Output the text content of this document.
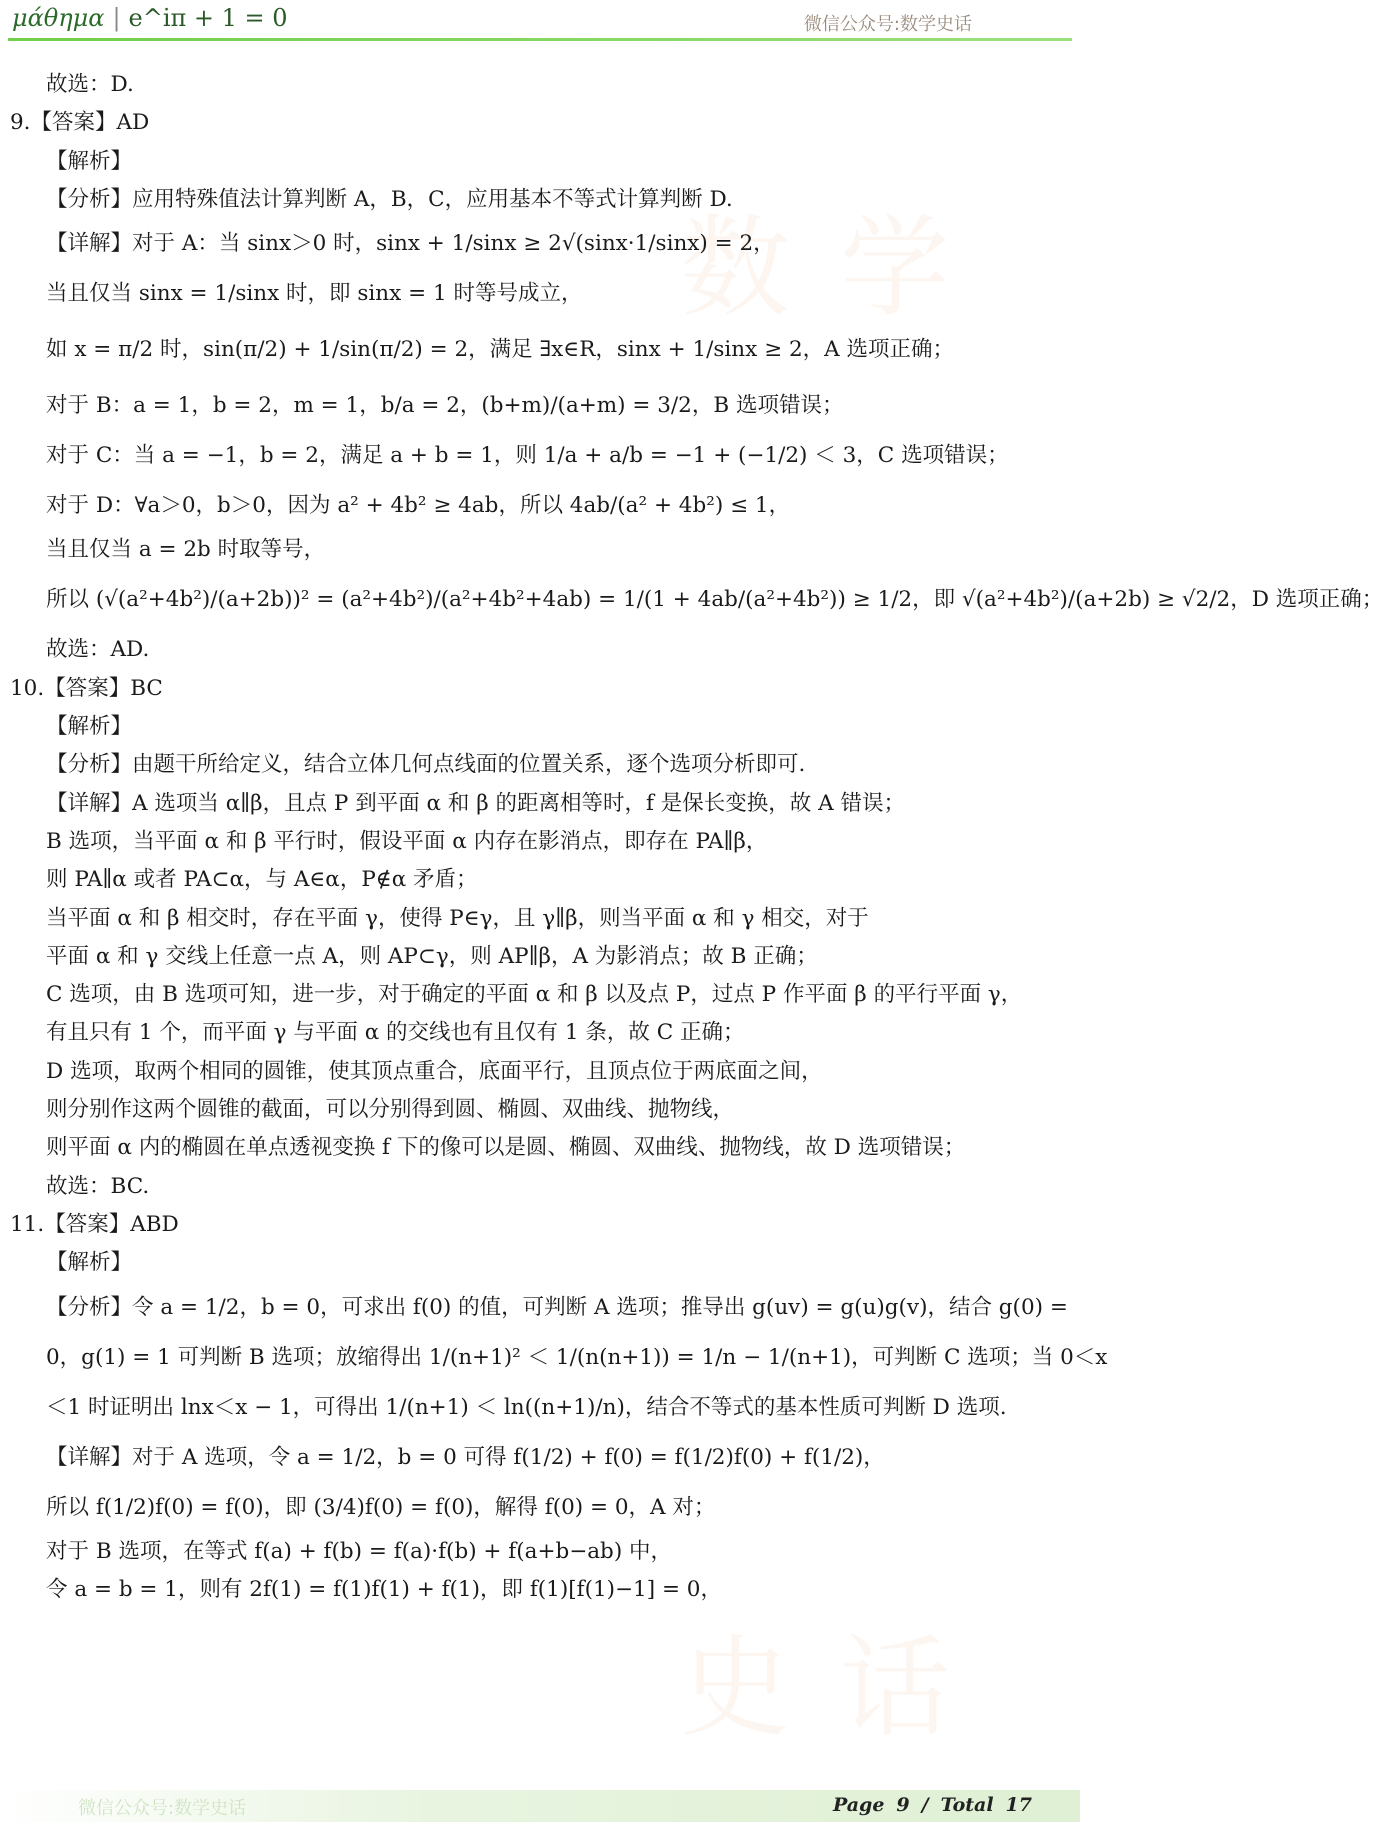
μάθημα | e^iπ + 1 = 0	微信公众号:数学史话
数 学
史 话
故选：D.
9.【答案】AD
【解析】
【分析】应用特殊值法计算判断 A，B，C，应用基本不等式计算判断 D.
【详解】对于 A：当 sinx＞0 时，sinx + 1/sinx ≥ 2√(sinx·1/sinx) = 2，
当且仅当 sinx = 1/sinx 时，即 sinx = 1 时等号成立，
如 x = π/2 时，sin(π/2) + 1/sin(π/2) = 2，满足 ∃x∈R，sinx + 1/sinx ≥ 2，A 选项正确；
对于 B：a = 1，b = 2，m = 1，b/a = 2，(b+m)/(a+m) = 3/2，B 选项错误；
对于 C：当 a = −1，b = 2，满足 a + b = 1，则 1/a + a/b = −1 + (−1/2) ＜ 3，C 选项错误；
对于 D：∀a＞0，b＞0，因为 a² + 4b² ≥ 4ab，所以 4ab/(a² + 4b²) ≤ 1，
当且仅当 a = 2b 时取等号，
所以 (√(a²+4b²)/(a+2b))² = (a²+4b²)/(a²+4b²+4ab) = 1/(1 + 4ab/(a²+4b²)) ≥ 1/2，即 √(a²+4b²)/(a+2b) ≥ √2/2，D 选项正确；
故选：AD.
10.【答案】BC
【解析】
【分析】由题干所给定义，结合立体几何点线面的位置关系，逐个选项分析即可.
【详解】A 选项当 α∥β，且点 P 到平面 α 和 β 的距离相等时，f 是保长变换，故 A 错误；
B 选项，当平面 α 和 β 平行时，假设平面 α 内存在影消点，即存在 PA∥β，
则 PA∥α 或者 PA⊂α，与 A∈α，P∉α 矛盾；
当平面 α 和 β 相交时，存在平面 γ，使得 P∈γ，且 γ∥β，则当平面 α 和 γ 相交，对于
平面 α 和 γ 交线上任意一点 A，则 AP⊂γ，则 AP∥β，A 为影消点；故 B 正确；
C 选项，由 B 选项可知，进一步，对于确定的平面 α 和 β 以及点 P，过点 P 作平面 β 的平行平面 γ，
有且只有 1 个，而平面 γ 与平面 α 的交线也有且仅有 1 条，故 C 正确；
D 选项，取两个相同的圆锥，使其顶点重合，底面平行，且顶点位于两底面之间，
则分别作这两个圆锥的截面，可以分别得到圆、椭圆、双曲线、抛物线，
则平面 α 内的椭圆在单点透视变换 f 下的像可以是圆、椭圆、双曲线、抛物线，故 D 选项错误；
故选：BC.
11.【答案】ABD
【解析】
【分析】令 a = 1/2，b = 0，可求出 f(0) 的值，可判断 A 选项；推导出 g(uv) = g(u)g(v)，结合 g(0) =
0，g(1) = 1 可判断 B 选项；放缩得出 1/(n+1)² ＜ 1/(n(n+1)) = 1/n − 1/(n+1)，可判断 C 选项；当 0＜x
＜1 时证明出 lnx＜x − 1，可得出 1/(n+1) ＜ ln((n+1)/n)，结合不等式的基本性质可判断 D 选项.
【详解】对于 A 选项，令 a = 1/2，b = 0 可得 f(1/2) + f(0) = f(1/2)f(0) + f(1/2)，
所以 f(1/2)f(0) = f(0)，即 (3/4)f(0) = f(0)，解得 f(0) = 0，A 对；
对于 B 选项，在等式 f(a) + f(b) = f(a)·f(b) + f(a+b−ab) 中，
令 a = b = 1，则有 2f(1) = f(1)f(1) + f(1)，即 f(1)[f(1)−1] = 0，
微信公众号:数学史话	Page 9 / Total 17
